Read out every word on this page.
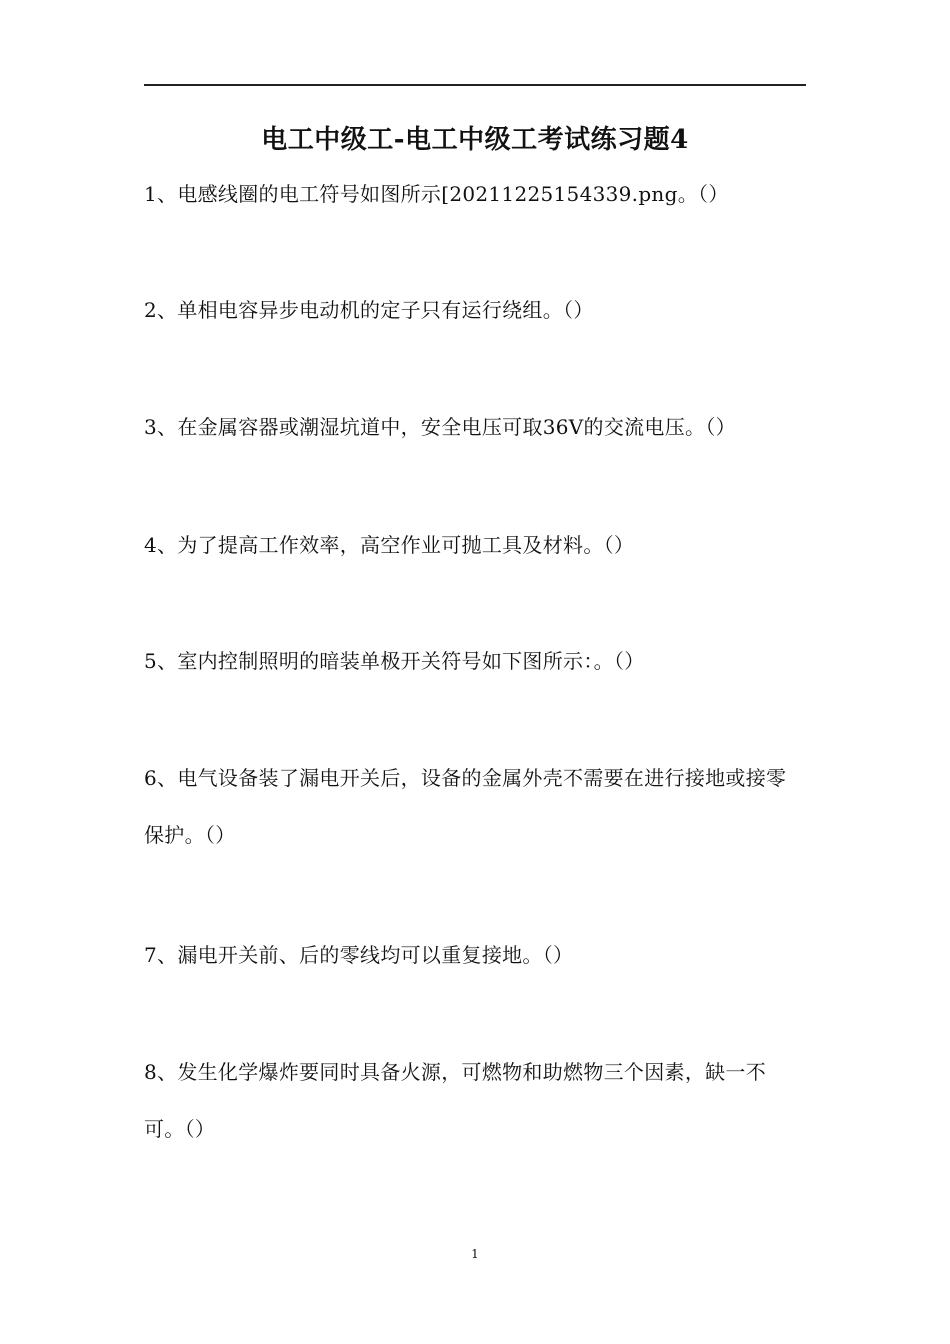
电工中级工-电工中级工考试练习题4

1、电感线圈的电工符号如图所示[20211225154339.png。（）

2、单相电容异步电动机的定子只有运行绕组。（）

3、在金属容器或潮湿坑道中，安全电压可取36V的交流电压。（）

4、为了提高工作效率，高空作业可抛工具及材料。（）

5、室内控制照明的暗装单极开关符号如下图所示：。（）

6、电气设备装了漏电开关后，设备的金属外壳不需要在进行接地或接零保护。（）

7、漏电开关前、后的零线均可以重复接地。（）

8、发生化学爆炸要同时具备火源，可燃物和助燃物三个因素，缺一不可。（）

1
